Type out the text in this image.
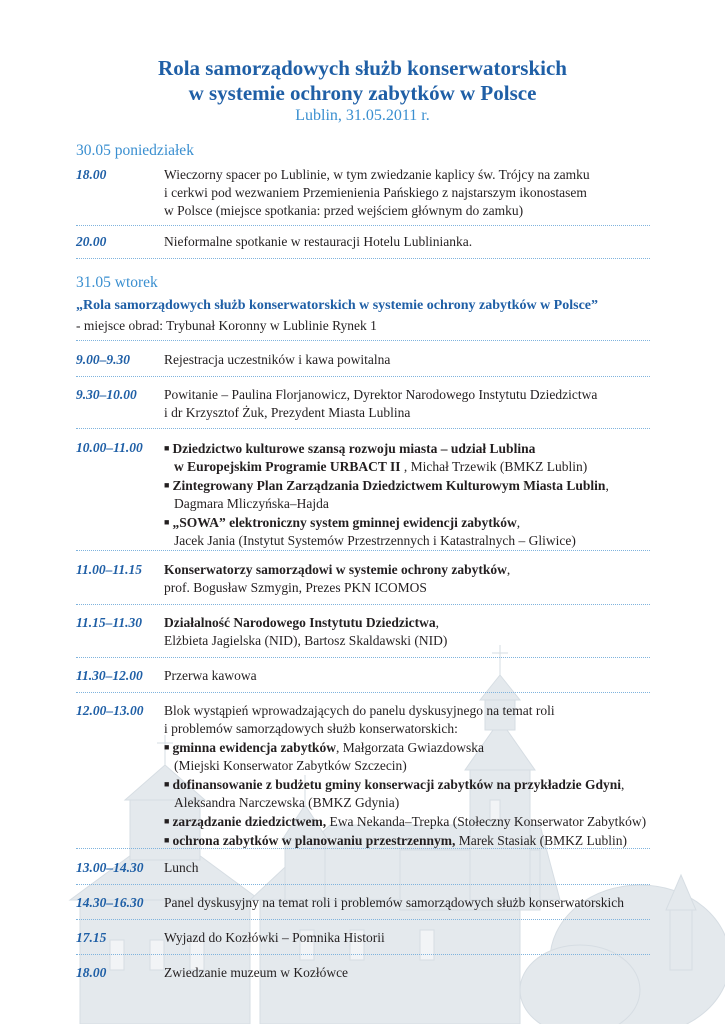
Rola samorządowych służb konserwatorskich
w systemie ochrony zabytków w Polsce
Lublin, 31.05.2011 r.
30.05 poniedziałek
18.00	Wieczorny spacer po Lublinie, w tym zwiedzanie kaplicy św. Trójcy na zamku
i cerkwi pod wezwaniem Przemienienia Pańskiego z najstarszym ikonostasem
w Polsce (miejsce spotkania: przed wejściem głównym do zamku)
20.00	Nieformalne spotkanie w restauracji Hotelu Lublinianka.
31.05 wtorek
„Rola samorządowych służb konserwatorskich w systemie ochrony zabytków w Polsce”
- miejsce obrad: Trybunał Koronny w Lublinie Rynek 1
9.00–9.30	Rejestracja uczestników i kawa powitalna
9.30–10.00	Powitanie – Paulina Florjanowicz, Dyrektor Narodowego Instytutu Dziedzictwa
i dr Krzysztof Żuk, Prezydent Miasta Lublina
10.00–11.00	■ Dziedzictwo kulturowe szansą rozwoju miasta – udział Lublina
w Europejskim Programie URBACT II , Michał Trzewik (BMKZ Lublin)
■ Zintegrowany Plan Zarządzania Dziedzictwem Kulturowym Miasta Lublin,
Dagmara Mliczyńska–Hajda
■ „SOWA” elektroniczny system gminnej ewidencji zabytków,
Jacek Jania (Instytut Systemów Przestrzennych i Katastralnych – Gliwice)
11.00–11.15	Konserwatorzy samorządowi w systemie ochrony zabytków,
prof. Bogusław Szmygin, Prezes PKN ICOMOS
11.15–11.30	Działalność Narodowego Instytutu Dziedzictwa,
Elżbieta Jagielska (NID), Bartosz Skaldawski (NID)
11.30–12.00	Przerwa kawowa
12.00–13.00	Blok wystąpień wprowadzających do panelu dyskusyjnego na temat roli
i problemów samorządowych służb konserwatorskich:
■ gminna ewidencja zabytków, Małgorzata Gwiazdowska
(Miejski Konserwator Zabytków Szczecin)
■ dofinansowanie z budżetu gminy konserwacji zabytków na przykładzie Gdyni,
Aleksandra Narczewska (BMKZ Gdynia)
■ zarządzanie dziedzictwem, Ewa Nekanda–Trepka (Stołeczny Konserwator Zabytków)
■ ochrona zabytków w planowaniu przestrzennym, Marek Stasiak (BMKZ Lublin)
13.00–14.30	Lunch
14.30–16.30	Panel dyskusyjny na temat roli i problemów samorządowych służb konserwatorskich
17.15	Wyjazd do Kozłówki – Pomnika Historii
18.00	Zwiedzanie muzeum w Kozłówce
